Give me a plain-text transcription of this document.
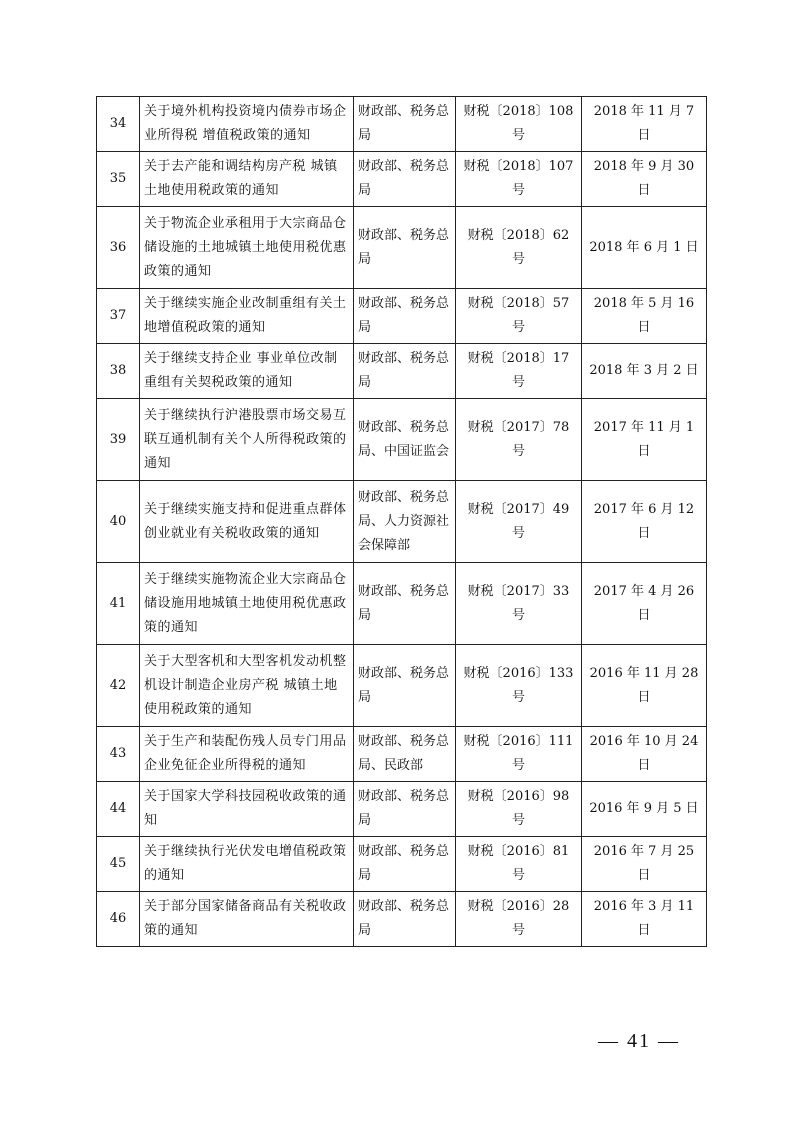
34	关于境外机构投资境内债券市场企业所得税 增值税政策的通知	财政部、税务总局	财税〔2018〕108 号	2018 年 11 月 7 日
35	关于去产能和调结构房产税 城镇土地使用税政策的通知	财政部、税务总局	财税〔2018〕107 号	2018 年 9 月 30 日
36	关于物流企业承租用于大宗商品仓储设施的土地城镇土地使用税优惠政策的通知	财政部、税务总局	财税〔2018〕62 号	2018 年 6 月 1 日
37	关于继续实施企业改制重组有关土地增值税政策的通知	财政部、税务总局	财税〔2018〕57 号	2018 年 5 月 16 日
38	关于继续支持企业 事业单位改制重组有关契税政策的通知	财政部、税务总局	财税〔2018〕17 号	2018 年 3 月 2 日
39	关于继续执行沪港股票市场交易互联互通机制有关个人所得税政策的通知	财政部、税务总局、中国证监会	财税〔2017〕78 号	2017 年 11 月 1 日
40	关于继续实施支持和促进重点群体创业就业有关税收政策的通知	财政部、税务总局、人力资源社会保障部	财税〔2017〕49 号	2017 年 6 月 12 日
41	关于继续实施物流企业大宗商品仓储设施用地城镇土地使用税优惠政策的通知	财政部、税务总局	财税〔2017〕33 号	2017 年 4 月 26 日
42	关于大型客机和大型客机发动机整机设计制造企业房产税 城镇土地使用税政策的通知	财政部、税务总局	财税〔2016〕133 号	2016 年 11 月 28 日
43	关于生产和装配伤残人员专门用品企业免征企业所得税的通知	财政部、税务总局、民政部	财税〔2016〕111 号	2016 年 10 月 24 日
44	关于国家大学科技园税收政策的通知	财政部、税务总局	财税〔2016〕98 号	2016 年 9 月 5 日
45	关于继续执行光伏发电增值税政策的通知	财政部、税务总局	财税〔2016〕81 号	2016 年 7 月 25 日
46	关于部分国家储备商品有关税收政策的通知	财政部、税务总局	财税〔2016〕28 号	2016 年 3 月 11 日
— 41 —
